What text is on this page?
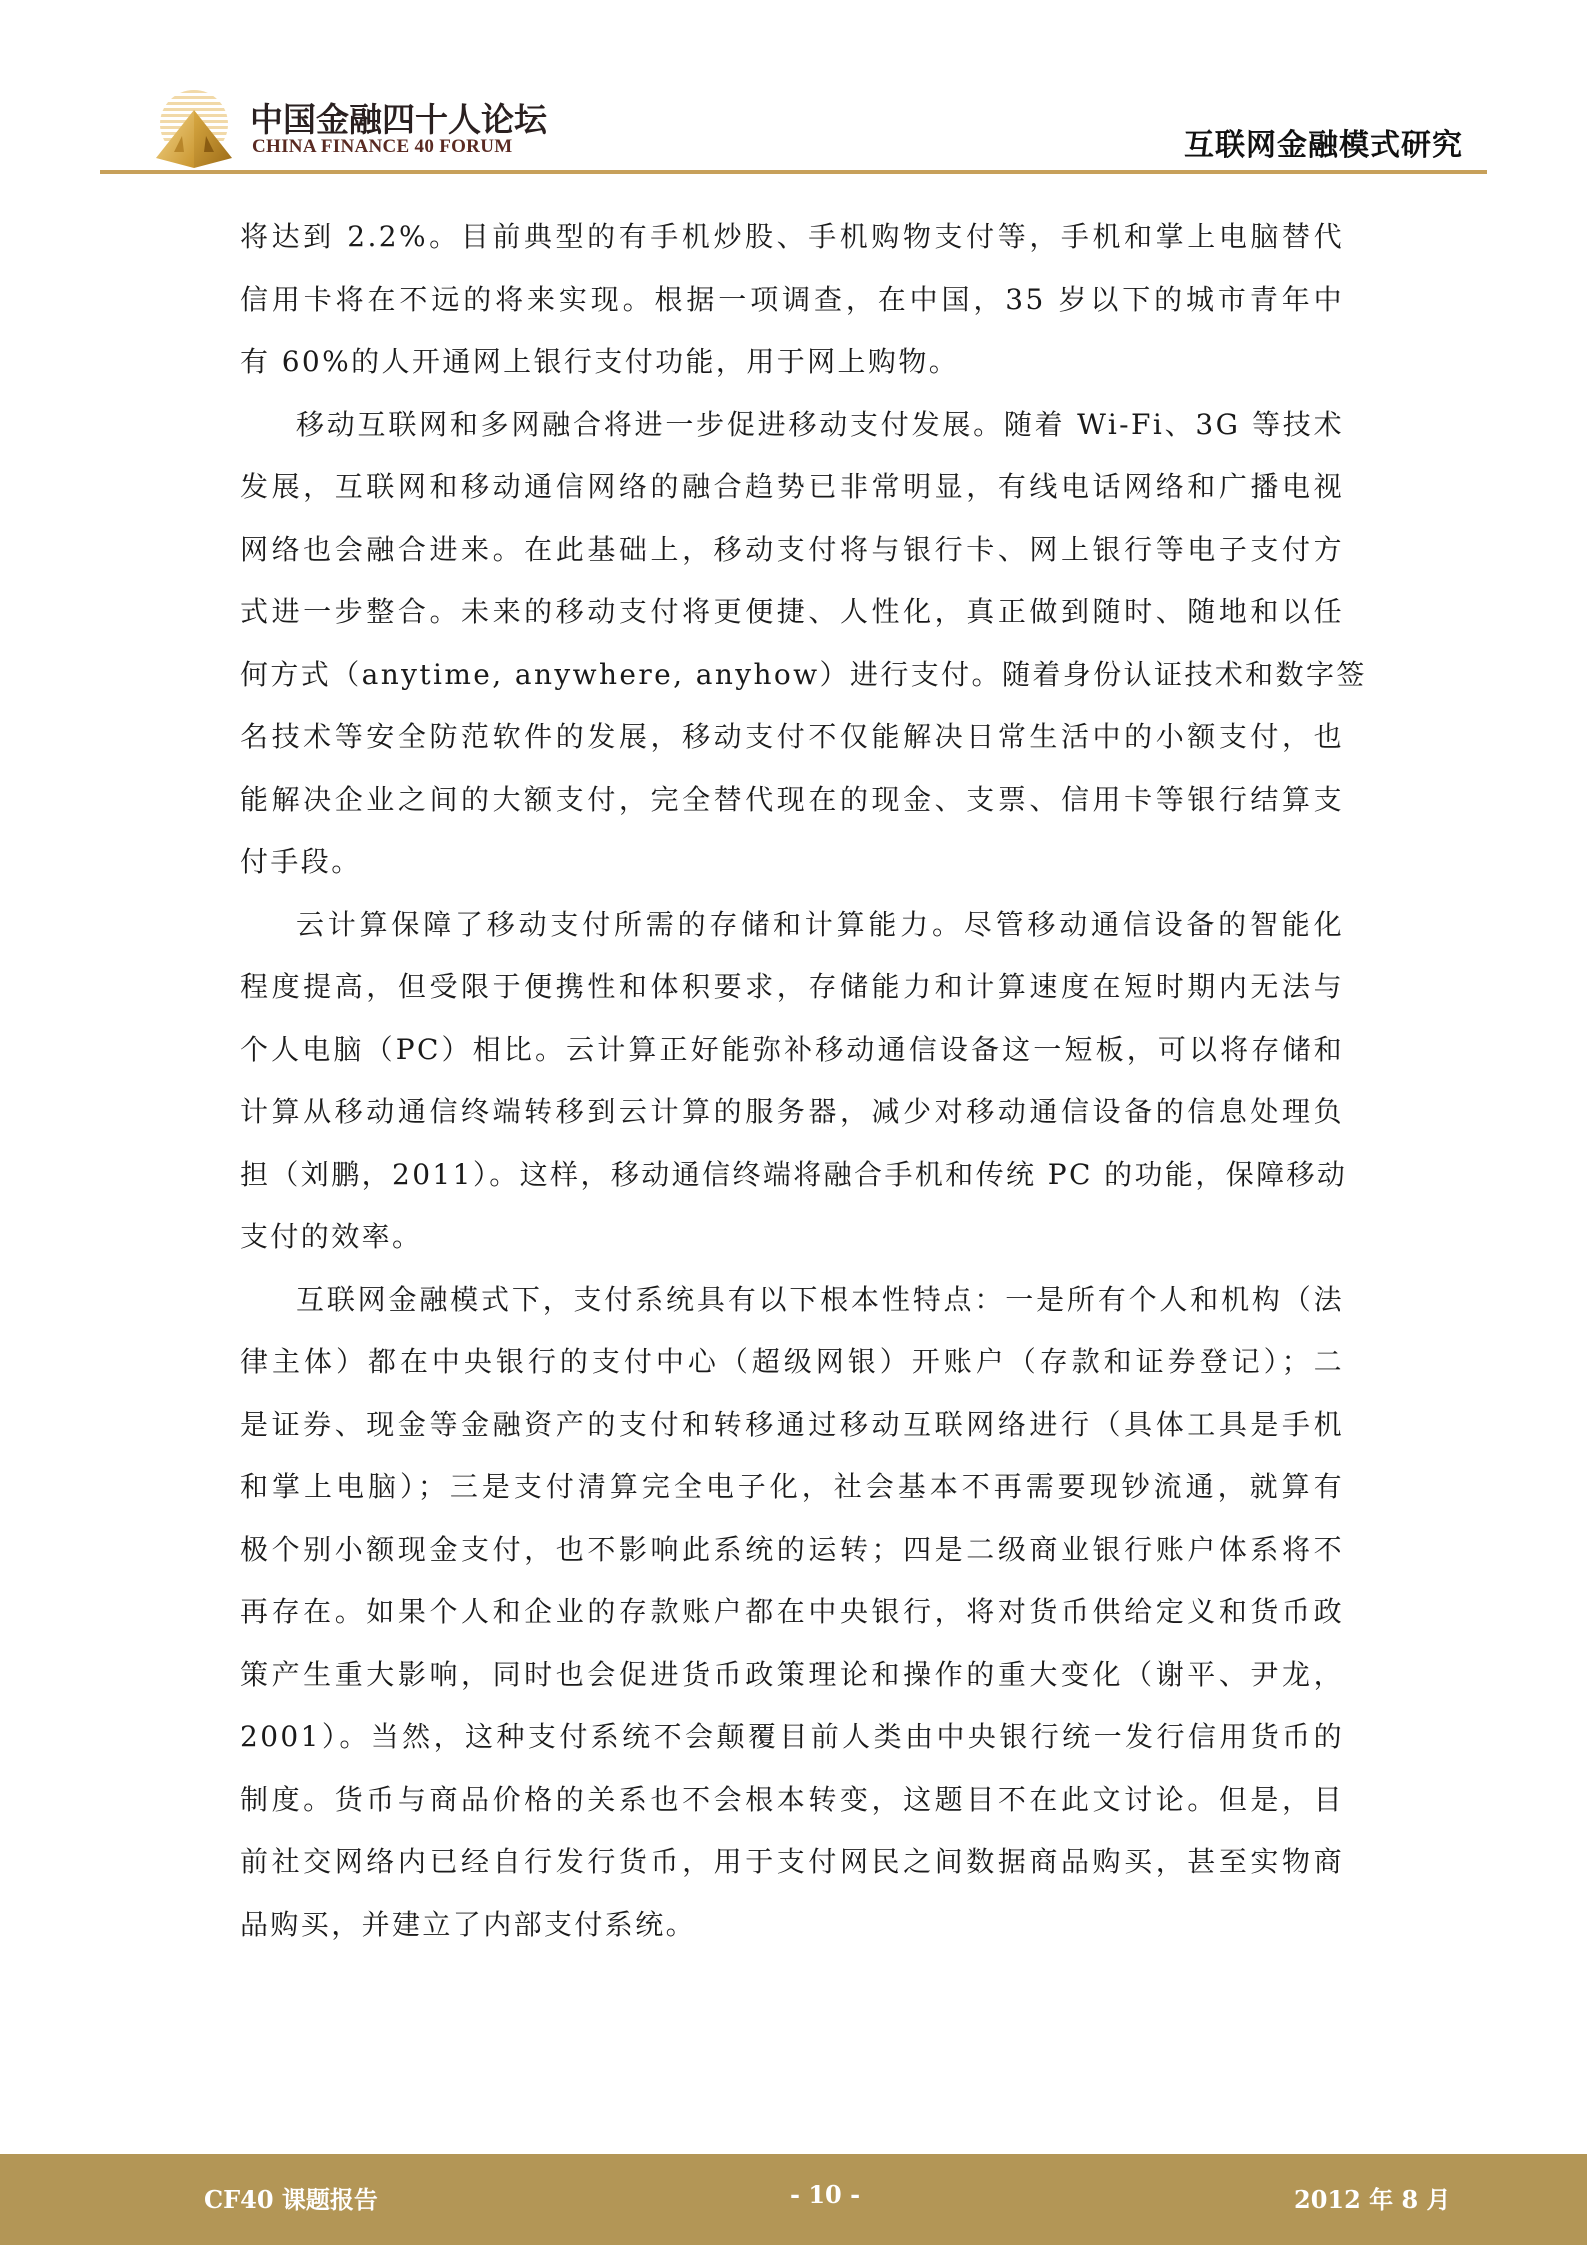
中国金融四十人论坛
CHINA FINANCE 40 FORUM	互联网金融模式研究
将达到 2.2%。目前典型的有手机炒股、手机购物支付等，手机和掌上电脑替代
信用卡将在不远的将来实现。根据一项调查，在中国，35 岁以下的城市青年中
有 60%的人开通网上银行支付功能，用于网上购物。
移动互联网和多网融合将进一步促进移动支付发展。随着 Wi-Fi、3G 等技术
发展，互联网和移动通信网络的融合趋势已非常明显，有线电话网络和广播电视
网络也会融合进来。在此基础上，移动支付将与银行卡、网上银行等电子支付方
式进一步整合。未来的移动支付将更便捷、人性化，真正做到随时、随地和以任
何方式（anytime, anywhere, anyhow）进行支付。随着身份认证技术和数字签
名技术等安全防范软件的发展，移动支付不仅能解决日常生活中的小额支付，也
能解决企业之间的大额支付，完全替代现在的现金、支票、信用卡等银行结算支
付手段。
云计算保障了移动支付所需的存储和计算能力。尽管移动通信设备的智能化
程度提高，但受限于便携性和体积要求，存储能力和计算速度在短时期内无法与
个人电脑（PC）相比。云计算正好能弥补移动通信设备这一短板，可以将存储和
计算从移动通信终端转移到云计算的服务器，减少对移动通信设备的信息处理负
担（刘鹏，2011）。这样，移动通信终端将融合手机和传统 PC 的功能，保障移动
支付的效率。
互联网金融模式下，支付系统具有以下根本性特点：一是所有个人和机构（法
律主体）都在中央银行的支付中心（超级网银）开账户（存款和证券登记）；二
是证券、现金等金融资产的支付和转移通过移动互联网络进行（具体工具是手机
和掌上电脑）；三是支付清算完全电子化，社会基本不再需要现钞流通，就算有
极个别小额现金支付，也不影响此系统的运转；四是二级商业银行账户体系将不
再存在。如果个人和企业的存款账户都在中央银行，将对货币供给定义和货币政
策产生重大影响，同时也会促进货币政策理论和操作的重大变化（谢平、尹龙，
2001）。当然，这种支付系统不会颠覆目前人类由中央银行统一发行信用货币的
制度。货币与商品价格的关系也不会根本转变，这题目不在此文讨论。但是，目
前社交网络内已经自行发行货币，用于支付网民之间数据商品购买，甚至实物商
品购买，并建立了内部支付系统。
CF40 课题报告	- 10 -	2012 年 8 月
